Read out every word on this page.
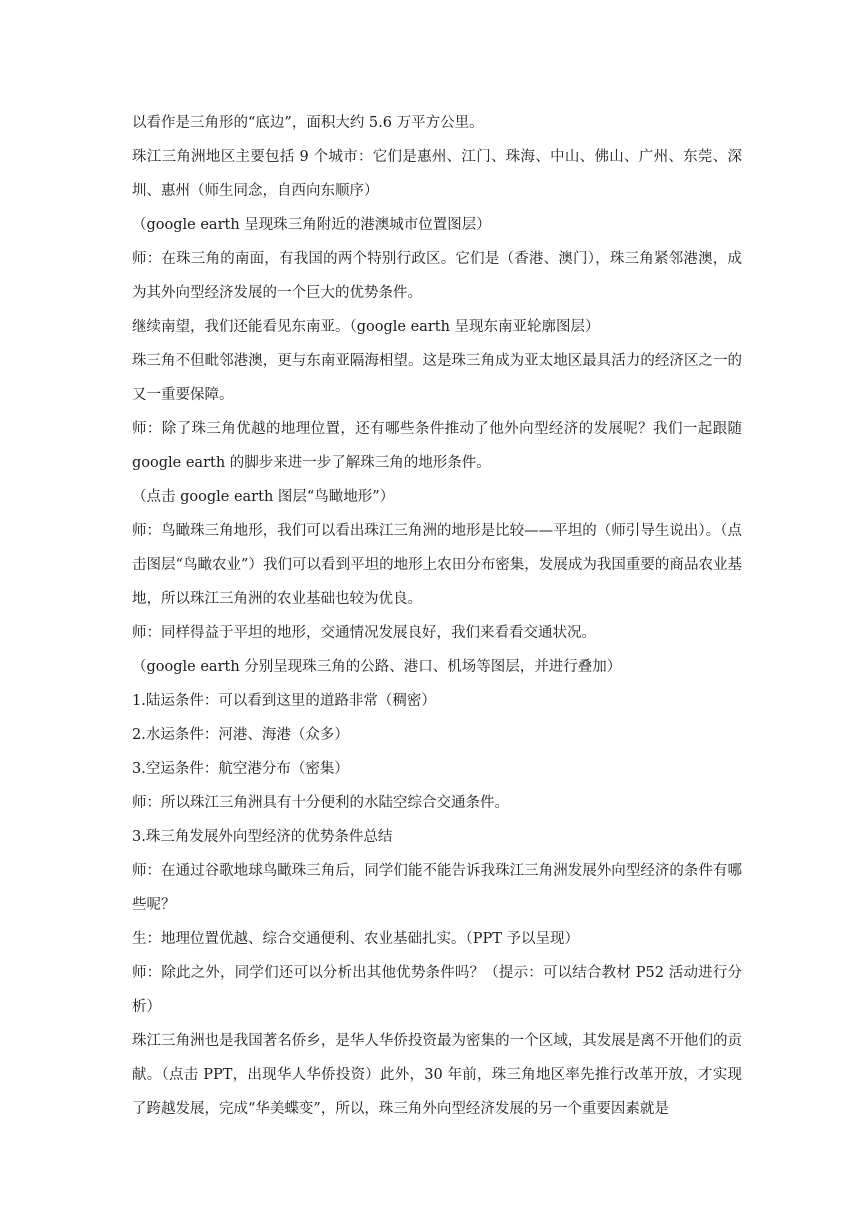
以看作是三角形的“底边”，面积大约 5.6 万平方公里。

珠江三角洲地区主要包括 9 个城市：它们是惠州、江门、珠海、中山、佛山、广州、东莞、深圳、惠州（师生同念，自西向东顺序）

（google earth 呈现珠三角附近的港澳城市位置图层）

师：在珠三角的南面，有我国的两个特别行政区。它们是（香港、澳门），珠三角紧邻港澳，成为其外向型经济发展的一个巨大的优势条件。

继续南望，我们还能看见东南亚。（google earth 呈现东南亚轮廓图层）

珠三角不但毗邻港澳，更与东南亚隔海相望。这是珠三角成为亚太地区最具活力的经济区之一的又一重要保障。

师：除了珠三角优越的地理位置，还有哪些条件推动了他外向型经济的发展呢？我们一起跟随 google earth 的脚步来进一步了解珠三角的地形条件。

（点击 google earth 图层“鸟瞰地形”）

师：鸟瞰珠三角地形，我们可以看出珠江三角洲的地形是比较——平坦的（师引导生说出）。（点击图层“鸟瞰农业”）我们可以看到平坦的地形上农田分布密集，发展成为我国重要的商品农业基地，所以珠江三角洲的农业基础也较为优良。

师：同样得益于平坦的地形，交通情况发展良好，我们来看看交通状况。

（google earth 分别呈现珠三角的公路、港口、机场等图层，并进行叠加）

1.陆运条件：可以看到这里的道路非常（稠密）

2.水运条件：河港、海港（众多）

3.空运条件：航空港分布（密集）

师：所以珠江三角洲具有十分便利的水陆空综合交通条件。

3.珠三角发展外向型经济的优势条件总结

师：在通过谷歌地球鸟瞰珠三角后，同学们能不能告诉我珠江三角洲发展外向型经济的条件有哪些呢？

生：地理位置优越、综合交通便利、农业基础扎实。（PPT 予以呈现）

师：除此之外，同学们还可以分析出其他优势条件吗？（提示：可以结合教材 P52 活动进行分析）

珠江三角洲也是我国著名侨乡，是华人华侨投资最为密集的一个区域，其发展是离不开他们的贡献。（点击 PPT，出现华人华侨投资）此外，30 年前，珠三角地区率先推行改革开放，才实现了跨越发展，完成“华美蝶变”，所以，珠三角外向型经济发展的另一个重要因素就是
